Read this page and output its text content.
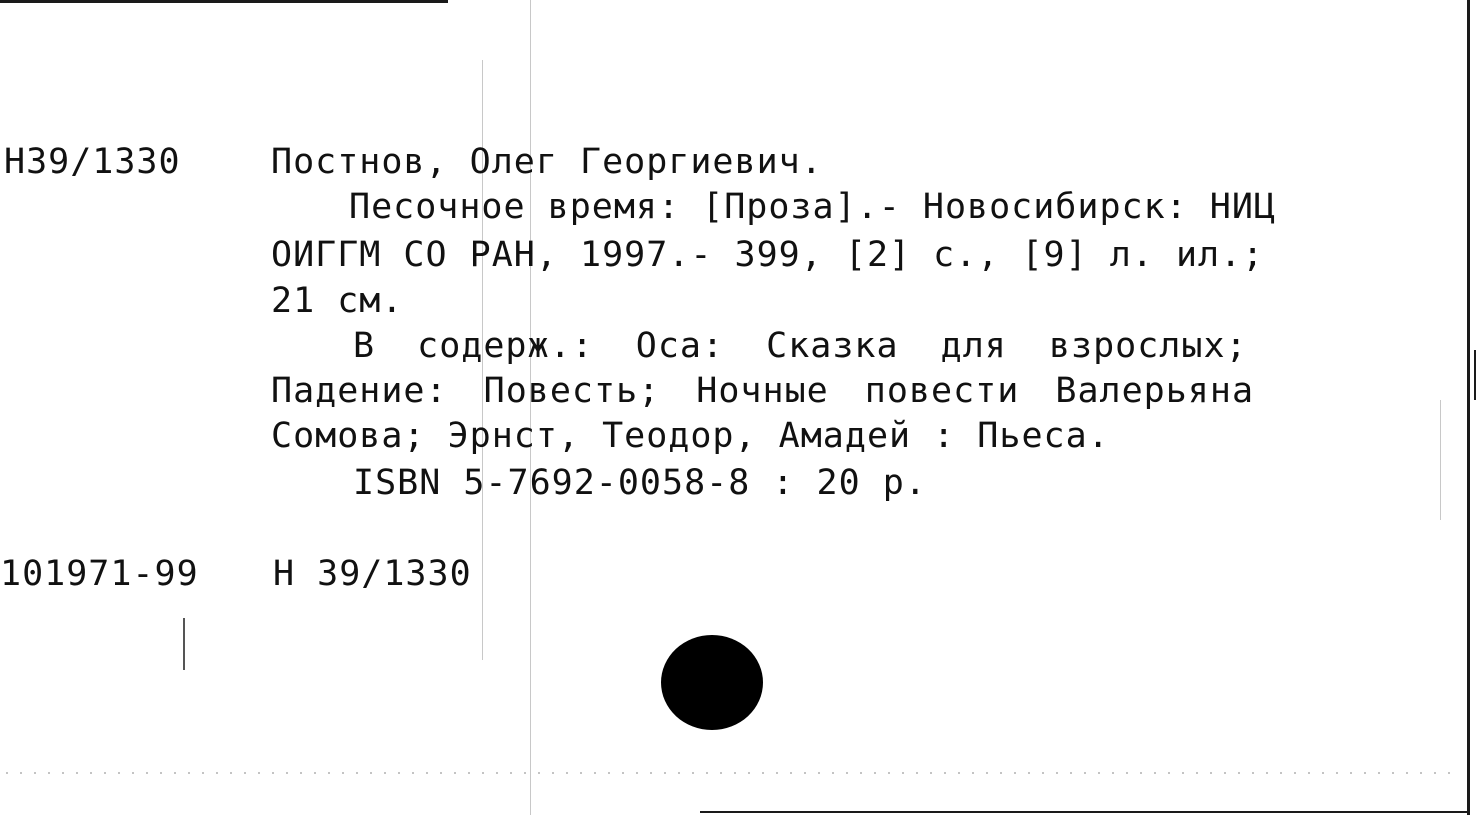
Н39/1330	Постнов, Олег Георгиевич.
Песочное время: [Проза].- Новосибирск: НИЦ
ОИГГМ СО РАН, 1997.- 399, [2] с., [9] л. ил.;
21 см.
В содерж.: Оса: Сказка для взрослых;
Падение: Повесть; Ночные повести Валерьяна
Сомова; Эрнст, Теодор, Амадей : Пьеса.
ISBN 5-7692-0058-8 : 20 р.
101971-99 Н 39/1330
